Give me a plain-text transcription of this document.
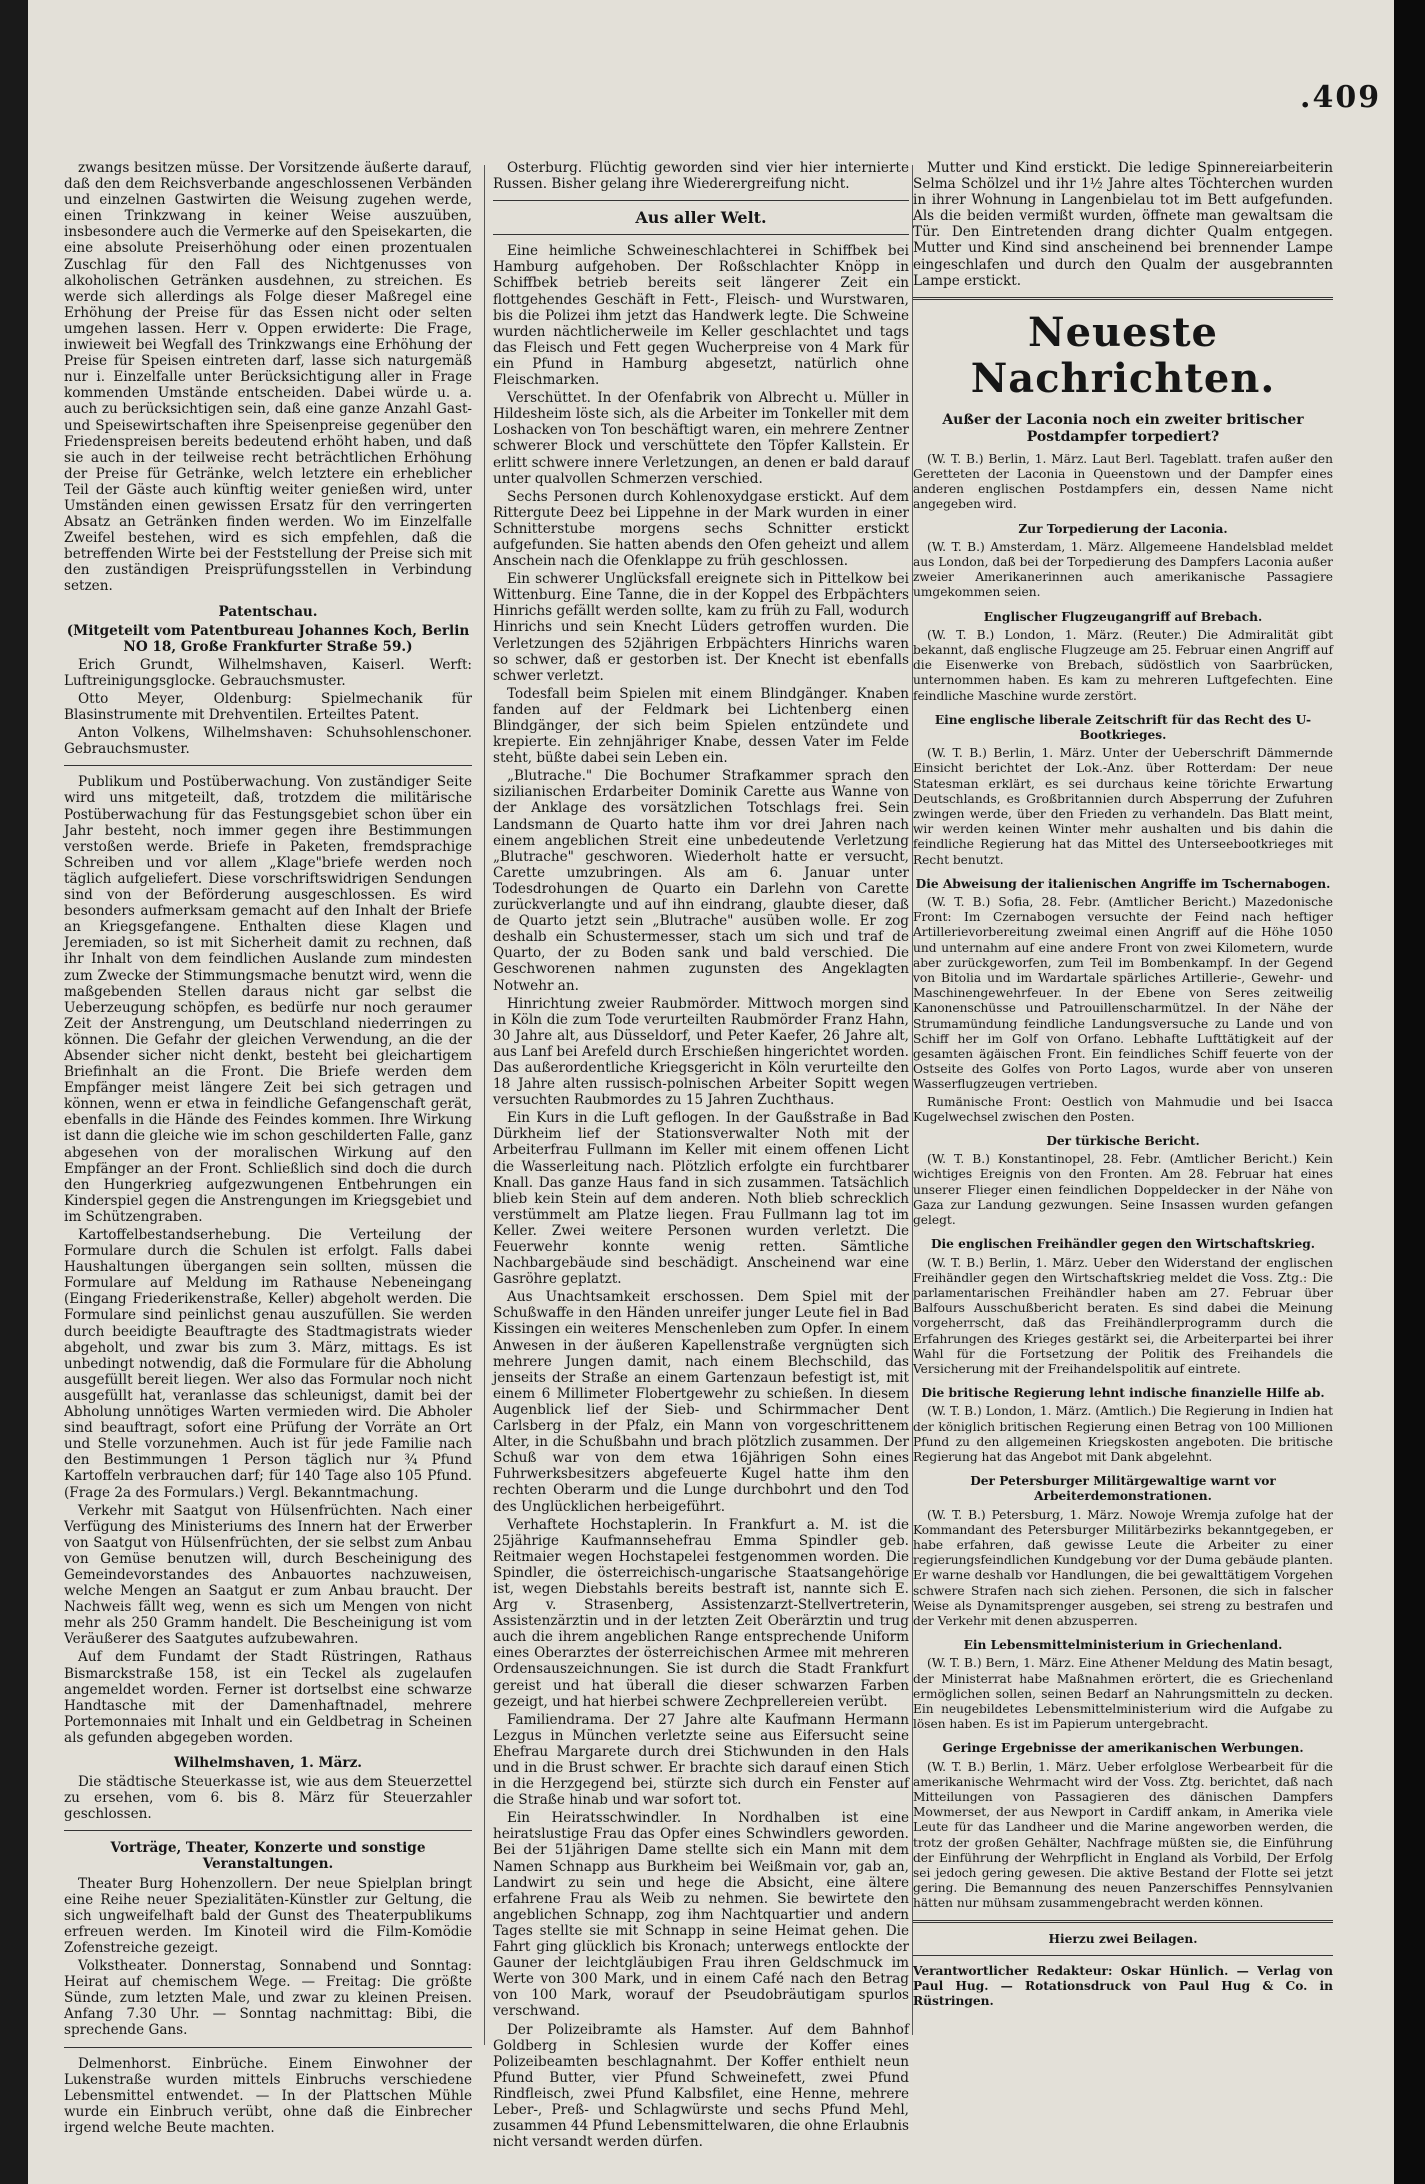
.409

zwangs besitzen müsse. Der Vorsitzende äußerte darauf, daß den dem Reichsverbande angeschlossenen Verbänden und einzelnen Gastwirten die Weisung zugehen werde, einen Trinkzwang in keiner Weise auszuüben, insbesondere auch die Vermerke auf den Speisekarten, die eine absolute Preiserhöhung oder einen prozentualen Zuschlag für den Fall des Nichtgenusses von alkoholischen Getränken ausdehnen, zu streichen. Es werde sich allerdings als Folge dieser Maßregel eine Erhöhung der Preise für das Essen nicht oder selten umgehen lassen. Herr v. Oppen erwiderte: Die Frage, inwieweit bei Wegfall des Trinkzwangs eine Erhöhung der Preise für Speisen eintreten darf, lasse sich naturgemäß nur i. Einzelfalle unter Berücksichtigung aller in Frage kommenden Umstände entscheiden. Dabei würde u. a. auch zu berücksichtigen sein, daß eine ganze Anzahl Gast- und Speisewirtschaften ihre Speisenpreise gegenüber den Friedenspreisen bereits bedeutend erhöht haben, und daß sie auch in der teilweise recht beträchtlichen Erhöhung der Preise für Getränke, welch letztere ein erheblicher Teil der Gäste auch künftig weiter genießen wird, unter Umständen einen gewissen Ersatz für den verringerten Absatz an Getränken finden werden. Wo im Einzelfalle Zweifel bestehen, wird es sich empfehlen, daß die betreffenden Wirte bei der Feststellung der Preise sich mit den zuständigen Preisprüfungsstellen in Verbindung setzen.

Patentschau.

(Mitgeteilt vom Patentbureau Johannes Koch, Berlin NO 18, Große Frankfurter Straße 59.)

Erich Grundt, Wilhelmshaven, Kaiserl. Werft: Luftreinigungsglocke. Gebrauchsmuster.

Otto Meyer, Oldenburg: Spielmechanik für Blasinstrumente mit Drehventilen. Erteiltes Patent.

Anton Volkens, Wilhelmshaven: Schuhsohlenschoner. Gebrauchsmuster.

Publikum und Postüberwachung. Von zuständiger Seite wird uns mitgeteilt, daß, trotzdem die militärische Postüberwachung für das Festungsgebiet schon über ein Jahr besteht, noch immer gegen ihre Bestimmungen verstoßen werde. Briefe in Paketen, fremdsprachige Schreiben und vor allem „Klage"briefe werden noch täglich aufgeliefert. Diese vorschriftswidrigen Sendungen sind von der Beförderung ausgeschlossen. Es wird besonders aufmerksam gemacht auf den Inhalt der Briefe an Kriegsgefangene. Enthalten diese Klagen und Jeremiaden, so ist mit Sicherheit damit zu rechnen, daß ihr Inhalt von dem feindlichen Auslande zum mindesten zum Zwecke der Stimmungsmache benutzt wird, wenn die maßgebenden Stellen daraus nicht gar selbst die Ueberzeugung schöpfen, es bedürfe nur noch geraumer Zeit der Anstrengung, um Deutschland niederringen zu können. Die Gefahr der gleichen Verwendung, an die der Absender sicher nicht denkt, besteht bei gleichartigem Briefinhalt an die Front. Die Briefe werden dem Empfänger meist längere Zeit bei sich getragen und können, wenn er etwa in feindliche Gefangenschaft gerät, ebenfalls in die Hände des Feindes kommen. Ihre Wirkung ist dann die gleiche wie im schon geschilderten Falle, ganz abgesehen von der moralischen Wirkung auf den Empfänger an der Front. Schließlich sind doch die durch den Hungerkrieg aufgezwungenen Entbehrungen ein Kinderspiel gegen die Anstrengungen im Kriegsgebiet und im Schützengraben.

Kartoffelbestandserhebung. Die Verteilung der Formulare durch die Schulen ist erfolgt. Falls dabei Haushaltungen übergangen sein sollten, müssen die Formulare auf Meldung im Rathause Nebeneingang (Eingang Friederikenstraße, Keller) abgeholt werden. Die Formulare sind peinlichst genau auszufüllen. Sie werden durch beeidigte Beauftragte des Stadtmagistrats wieder abgeholt, und zwar bis zum 3. März, mittags. Es ist unbedingt notwendig, daß die Formulare für die Abholung ausgefüllt bereit liegen. Wer also das Formular noch nicht ausgefüllt hat, veranlasse das schleunigst, damit bei der Abholung unnötiges Warten vermieden wird. Die Abholer sind beauftragt, sofort eine Prüfung der Vorräte an Ort und Stelle vorzunehmen. Auch ist für jede Familie nach den Bestimmungen 1 Person täglich nur ¾ Pfund Kartoffeln verbrauchen darf; für 140 Tage also 105 Pfund. (Frage 2a des Formulars.) Vergl. Bekanntmachung.

Verkehr mit Saatgut von Hülsenfrüchten. Nach einer Verfügung des Ministeriums des Innern hat der Erwerber von Saatgut von Hülsenfrüchten, der sie selbst zum Anbau von Gemüse benutzen will, durch Bescheinigung des Gemeindevorstandes des Anbauortes nachzuweisen, welche Mengen an Saatgut er zum Anbau braucht. Der Nachweis fällt weg, wenn es sich um Mengen von nicht mehr als 250 Gramm handelt. Die Bescheinigung ist vom Veräußerer des Saatgutes aufzubewahren.

Auf dem Fundamt der Stadt Rüstringen, Rathaus Bismarckstraße 158, ist ein Teckel als zugelaufen angemeldet worden. Ferner ist dortselbst eine schwarze Handtasche mit der Damenhaftnadel, mehrere Portemonnaies mit Inhalt und ein Geldbetrag in Scheinen als gefunden abgegeben worden.

Wilhelmshaven, 1. März.

Die städtische Steuerkasse ist, wie aus dem Steuerzettel zu ersehen, vom 6. bis 8. März für Steuerzahler geschlossen.

Vorträge, Theater, Konzerte und sonstige Veranstaltungen.

Theater Burg Hohenzollern. Der neue Spielplan bringt eine Reihe neuer Spezialitäten-Künstler zur Geltung, die sich ungweifelhaft bald der Gunst des Theaterpublikums erfreuen werden. Im Kinoteil wird die Film-Komödie Zofenstreiche gezeigt.

Volkstheater. Donnerstag, Sonnabend und Sonntag: Heirat auf chemischem Wege. — Freitag: Die größte Sünde, zum letzten Male, und zwar zu kleinen Preisen. Anfang 7.30 Uhr. — Sonntag nachmittag: Bibi, die sprechende Gans.

Delmenhorst. Einbrüche. Einem Einwohner der Lukenstraße wurden mittels Einbruchs verschiedene Lebensmittel entwendet. — In der Plattschen Mühle wurde ein Einbruch verübt, ohne daß die Einbrecher irgend welche Beute machten.

Osterburg. Flüchtig geworden sind vier hier internierte Russen. Bisher gelang ihre Wiederergreifung nicht.

Aus aller Welt.

Eine heimliche Schweineschlachterei in Schiffbek bei Hamburg aufgehoben. Der Roßschlachter Knöpp in Schiffbek betrieb bereits seit längerer Zeit ein flottgehendes Geschäft in Fett-, Fleisch- und Wurstwaren, bis die Polizei ihm jetzt das Handwerk legte. Die Schweine wurden nächtlicherweile im Keller geschlachtet und tags das Fleisch und Fett gegen Wucherpreise von 4 Mark für ein Pfund in Hamburg abgesetzt, natürlich ohne Fleischmarken.

Verschüttet. In der Ofenfabrik von Albrecht u. Müller in Hildesheim löste sich, als die Arbeiter im Tonkeller mit dem Loshacken von Ton beschäftigt waren, ein mehrere Zentner schwerer Block und verschüttete den Töpfer Kallstein. Er erlitt schwere innere Verletzungen, an denen er bald darauf unter qualvollen Schmerzen verschied.

Sechs Personen durch Kohlenoxydgase erstickt. Auf dem Rittergute Deez bei Lippehne in der Mark wurden in einer Schnitterstube morgens sechs Schnitter erstickt aufgefunden. Sie hatten abends den Ofen geheizt und allem Anschein nach die Ofenklappe zu früh geschlossen.

Ein schwerer Unglücksfall ereignete sich in Pittelkow bei Wittenburg. Eine Tanne, die in der Koppel des Erbpächters Hinrichs gefällt werden sollte, kam zu früh zu Fall, wodurch Hinrichs und sein Knecht Lüders getroffen wurden. Die Verletzungen des 52jährigen Erbpächters Hinrichs waren so schwer, daß er gestorben ist. Der Knecht ist ebenfalls schwer verletzt.

Todesfall beim Spielen mit einem Blindgänger. Knaben fanden auf der Feldmark bei Lichtenberg einen Blindgänger, der sich beim Spielen entzündete und krepierte. Ein zehnjähriger Knabe, dessen Vater im Felde steht, büßte dabei sein Leben ein.

„Blutrache." Die Bochumer Strafkammer sprach den sizilianischen Erdarbeiter Dominik Carette aus Wanne von der Anklage des vorsätzlichen Totschlags frei. Sein Landsmann de Quarto hatte ihm vor drei Jahren nach einem angeblichen Streit eine unbedeutende Verletzung „Blutrache" geschworen. Wiederholt hatte er versucht, Carette umzubringen. Als am 6. Januar unter Todesdrohungen de Quarto ein Darlehn von Carette zurückverlangte und auf ihn eindrang, glaubte dieser, daß de Quarto jetzt sein „Blutrache" ausüben wolle. Er zog deshalb ein Schustermesser, stach um sich und traf de Quarto, der zu Boden sank und bald verschied. Die Geschworenen nahmen zugunsten des Angeklagten Notwehr an.

Hinrichtung zweier Raubmörder. Mittwoch morgen sind in Köln die zum Tode verurteilten Raubmörder Franz Hahn, 30 Jahre alt, aus Düsseldorf, und Peter Kaefer, 26 Jahre alt, aus Lanf bei Arefeld durch Erschießen hingerichtet worden. Das außerordentliche Kriegsgericht in Köln verurteilte den 18 Jahre alten russisch-polnischen Arbeiter Sopitt wegen versuchten Raubmordes zu 15 Jahren Zuchthaus.

Ein Kurs in die Luft geflogen. In der Gaußstraße in Bad Dürkheim lief der Stationsverwalter Noth mit der Arbeiterfrau Fullmann im Keller mit einem offenen Licht die Wasserleitung nach. Plötzlich erfolgte ein furchtbarer Knall. Das ganze Haus fand in sich zusammen. Tatsächlich blieb kein Stein auf dem anderen. Noth blieb schrecklich verstümmelt am Platze liegen. Frau Fullmann lag tot im Keller. Zwei weitere Personen wurden verletzt. Die Feuerwehr konnte wenig retten. Sämtliche Nachbargebäude sind beschädigt. Anscheinend war eine Gasröhre geplatzt.

Aus Unachtsamkeit erschossen. Dem Spiel mit der Schußwaffe in den Händen unreifer junger Leute fiel in Bad Kissingen ein weiteres Menschenleben zum Opfer. In einem Anwesen in der äußeren Kapellenstraße vergnügten sich mehrere Jungen damit, nach einem Blechschild, das jenseits der Straße an einem Gartenzaun befestigt ist, mit einem 6 Millimeter Flobertgewehr zu schießen. In diesem Augenblick lief der Sieb- und Schirmmacher Dent Carlsberg in der Pfalz, ein Mann von vorgeschrittenem Alter, in die Schußbahn und brach plötzlich zusammen. Der Schuß war von dem etwa 16jährigen Sohn eines Fuhrwerksbesitzers abgefeuerte Kugel hatte ihm den rechten Oberarm und die Lunge durchbohrt und den Tod des Unglücklichen herbeigeführt.

Verhaftete Hochstaplerin. In Frankfurt a. M. ist die 25jährige Kaufmannsehefrau Emma Spindler geb. Reitmaier wegen Hochstapelei festgenommen worden. Die Spindler, die österreichisch-ungarische Staatsangehörige ist, wegen Diebstahls bereits bestraft ist, nannte sich E. Arg v. Strasenberg, Assistenzarzt-Stellvertreterin, Assistenzärztin und in der letzten Zeit Oberärztin und trug auch die ihrem angeblichen Range entsprechende Uniform eines Oberarztes der österreichischen Armee mit mehreren Ordensauszeichnungen. Sie ist durch die Stadt Frankfurt gereist und hat überall die dieser schwarzen Farben gezeigt, und hat hierbei schwere Zechprellereien verübt.

Familiendrama. Der 27 Jahre alte Kaufmann Hermann Lezgus in München verletzte seine aus Eifersucht seine Ehefrau Margarete durch drei Stichwunden in den Hals und in die Brust schwer. Er brachte sich darauf einen Stich in die Herzgegend bei, stürzte sich durch ein Fenster auf die Straße hinab und war sofort tot.

Ein Heiratsschwindler. In Nordhalben ist eine heiratslustige Frau das Opfer eines Schwindlers geworden. Bei der 51jährigen Dame stellte sich ein Mann mit dem Namen Schnapp aus Burkheim bei Weißmain vor, gab an, Landwirt zu sein und hege die Absicht, eine ältere erfahrene Frau als Weib zu nehmen. Sie bewirtete den angeblichen Schnapp, zog ihm Nachtquartier und andern Tages stellte sie mit Schnapp in seine Heimat gehen. Die Fahrt ging glücklich bis Kronach; unterwegs entlockte der Gauner der leichtgläubigen Frau ihren Geldschmuck im Werte von 300 Mark, und in einem Café nach den Betrag von 100 Mark, worauf der Pseudobräutigam spurlos verschwand.

Der Polizeibramte als Hamster. Auf dem Bahnhof Goldberg in Schlesien wurde der Koffer eines Polizeibeamten beschlagnahmt. Der Koffer enthielt neun Pfund Butter, vier Pfund Schweinefett, zwei Pfund Rindfleisch, zwei Pfund Kalbsfilet, eine Henne, mehrere Leber-, Preß- und Schlagwürste und sechs Pfund Mehl, zusammen 44 Pfund Lebensmittelwaren, die ohne Erlaubnis nicht versandt werden dürfen.

Mutter und Kind erstickt. Die ledige Spinnereiarbeiterin Selma Schölzel und ihr 1½ Jahre altes Töchterchen wurden in ihrer Wohnung in Langenbielau tot im Bett aufgefunden. Als die beiden vermißt wurden, öffnete man gewaltsam die Tür. Den Eintretenden drang dichter Qualm entgegen. Mutter und Kind sind anscheinend bei brennender Lampe eingeschlafen und durch den Qualm der ausgebrannten Lampe erstickt.

Neueste Nachrichten.
Außer der Laconia noch ein zweiter britischer Postdampfer torpediert?

(W. T. B.) Berlin, 1. März. Laut Berl. Tageblatt. trafen außer den Geretteten der Laconia in Queenstown und der Dampfer eines anderen englischen Postdampfers ein, dessen Name nicht angegeben wird.

Zur Torpedierung der Laconia.

(W. T. B.) Amsterdam, 1. März. Allgemeene Handelsblad meldet aus London, daß bei der Torpedierung des Dampfers Laconia außer zweier Amerikanerinnen auch amerikanische Passagiere umgekommen seien.

Englischer Flugzeugangriff auf Brebach.

(W. T. B.) London, 1. März. (Reuter.) Die Admiralität gibt bekannt, daß englische Flugzeuge am 25. Februar einen Angriff auf die Eisenwerke von Brebach, südöstlich von Saarbrücken, unternommen haben. Es kam zu mehreren Luftgefechten. Eine feindliche Maschine wurde zerstört.

Eine englische liberale Zeitschrift für das Recht des U-Bootkrieges.

(W. T. B.) Berlin, 1. März. Unter der Ueberschrift Dämmernde Einsicht berichtet der Lok.-Anz. über Rotterdam: Der neue Statesman erklärt, es sei durchaus keine törichte Erwartung Deutschlands, es Großbritannien durch Absperrung der Zufuhren zwingen werde, über den Frieden zu verhandeln. Das Blatt meint, wir werden keinen Winter mehr aushalten und bis dahin die feindliche Regierung hat das Mittel des Unterseebootkrieges mit Recht benutzt.

Die Abweisung der italienischen Angriffe im Tschernabogen.

(W. T. B.) Sofia, 28. Febr. (Amtlicher Bericht.) Mazedonische Front: Im Czernabogen versuchte der Feind nach heftiger Artillerievorbereitung zweimal einen Angriff auf die Höhe 1050 und unternahm auf eine andere Front von zwei Kilometern, wurde aber zurückgeworfen, zum Teil im Bombenkampf. In der Gegend von Bitolia und im Wardartale spärliches Artillerie-, Gewehr- und Maschinengewehrfeuer. In der Ebene von Seres zeitweilig Kanonenschüsse und Patrouillenscharmützel. In der Nähe der Strumamündung feindliche Landungsversuche zu Lande und von Schiff her im Golf von Orfano. Lebhafte Lufttätigkeit auf der gesamten ägäischen Front. Ein feindliches Schiff feuerte von der Ostseite des Golfes von Porto Lagos, wurde aber von unseren Wasserflugzeugen vertrieben.

Rumänische Front: Oestlich von Mahmudie und bei Isacca Kugelwechsel zwischen den Posten.

Der türkische Bericht.

(W. T. B.) Konstantinopel, 28. Febr. (Amtlicher Bericht.) Kein wichtiges Ereignis von den Fronten. Am 28. Februar hat eines unserer Flieger einen feindlichen Doppeldecker in der Nähe von Gaza zur Landung gezwungen. Seine Insassen wurden gefangen gelegt.

Die englischen Freihändler gegen den Wirtschaftskrieg.

(W. T. B.) Berlin, 1. März. Ueber den Widerstand der englischen Freihändler gegen den Wirtschaftskrieg meldet die Voss. Ztg.: Die parlamentarischen Freihändler haben am 27. Februar über Balfours Ausschußbericht beraten. Es sind dabei die Meinung vorgeherrscht, daß das Freihändlerprogramm durch die Erfahrungen des Krieges gestärkt sei, die Arbeiterpartei bei ihrer Wahl für die Fortsetzung der Politik des Freihandels die Versicherung mit der Freihandelspolitik auf eintrete.

Die britische Regierung lehnt indische finanzielle Hilfe ab.

(W. T. B.) London, 1. März. (Amtlich.) Die Regierung in Indien hat der königlich britischen Regierung einen Betrag von 100 Millionen Pfund zu den allgemeinen Kriegskosten angeboten. Die britische Regierung hat das Angebot mit Dank abgelehnt.

Der Petersburger Militärgewaltige warnt vor Arbeiterdemonstrationen.

(W. T. B.) Petersburg, 1. März. Nowoje Wremja zufolge hat der Kommandant des Petersburger Militärbezirks bekanntgegeben, er habe erfahren, daß gewisse Leute die Arbeiter zu einer regierungsfeindlichen Kundgebung vor der Duma gebäude planten. Er warne deshalb vor Handlungen, die bei gewalttätigem Vorgehen schwere Strafen nach sich ziehen. Personen, die sich in falscher Weise als Dynamitsprenger ausgeben, sei streng zu bestrafen und der Verkehr mit denen abzusperren.

Ein Lebensmittelministerium in Griechenland.

(W. T. B.) Bern, 1. März. Eine Athener Meldung des Matin besagt, der Ministerrat habe Maßnahmen erörtert, die es Griechenland ermöglichen sollen, seinen Bedarf an Nahrungsmitteln zu decken. Ein neugebildetes Lebensmittelministerium wird die Aufgabe zu lösen haben. Es ist im Papierum untergebracht.

Geringe Ergebnisse der amerikanischen Werbungen.

(W. T. B.) Berlin, 1. März. Ueber erfolglose Werbearbeit für die amerikanische Wehrmacht wird der Voss. Ztg. berichtet, daß nach Mitteilungen von Passagieren des dänischen Dampfers Mowmerset, der aus Newport in Cardiff ankam, in Amerika viele Leute für das Landheer und die Marine angeworben werden, die trotz der großen Gehälter, Nachfrage müßten sie, die Einführung der Einführung der Wehrpflicht in England als Vorbild, Der Erfolg sei jedoch gering gewesen. Die aktive Bestand der Flotte sei jetzt gering. Die Bemannung des neuen Panzerschiffes Pennsylvanien hätten nur mühsam zusammengebracht werden können.

Hierzu zwei Beilagen.

Verantwortlicher Redakteur: Oskar Hünlich. — Verlag von Paul Hug. — Rotationsdruck von Paul Hug & Co. in Rüstringen.
